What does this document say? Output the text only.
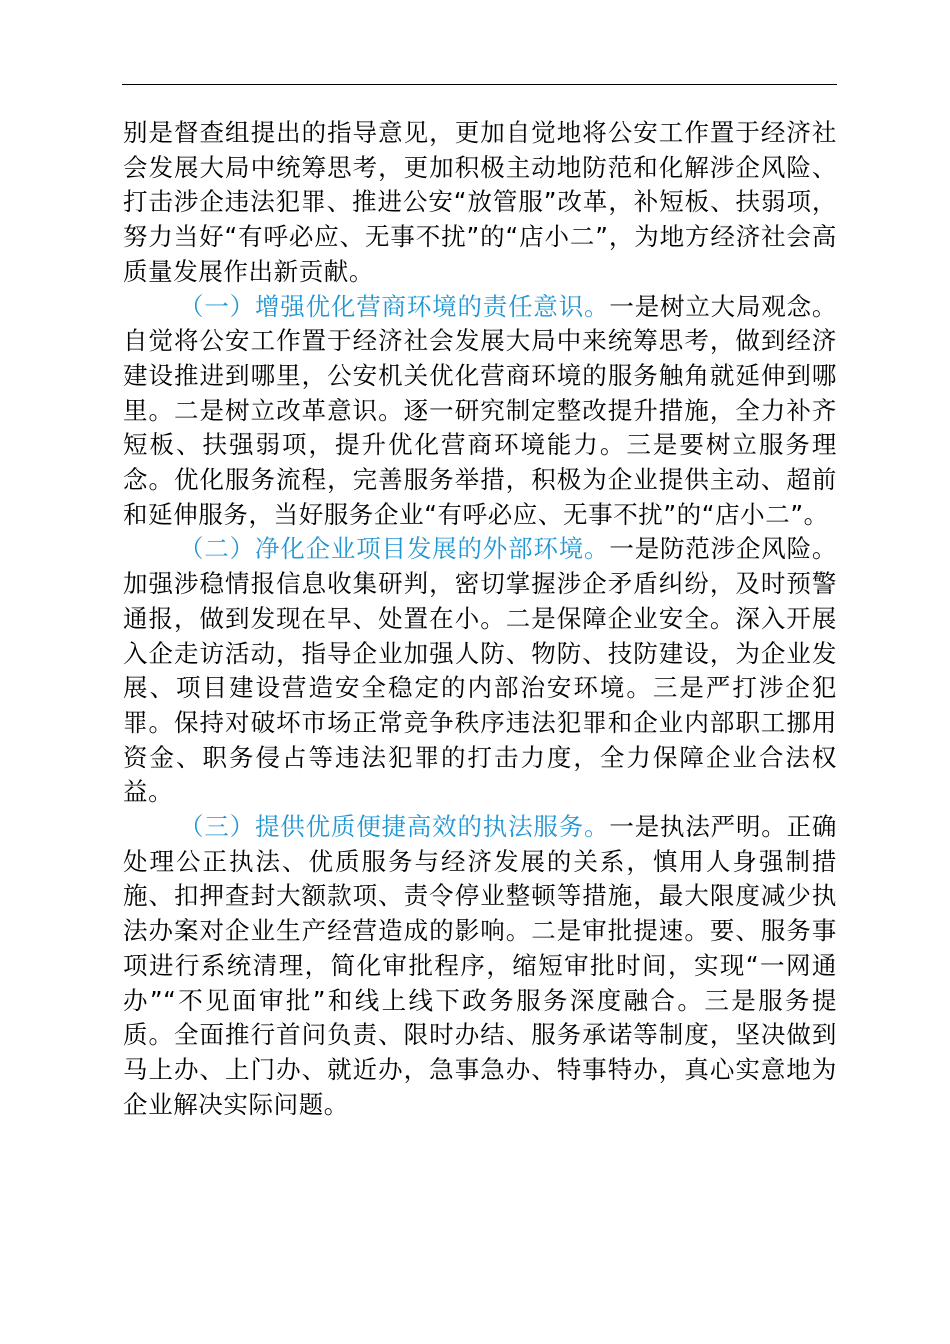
别是督查组提出的指导意见，更加自觉地将公安工作置于经济社会发展大局中统筹思考，更加积极主动地防范和化解涉企风险、打击涉企违法犯罪、推进公安“放管服”改革，补短板、扶弱项，努力当好“有呼必应、无事不扰”的“店小二”，为地方经济社会高质量发展作出新贡献。

（一）增强优化营商环境的责任意识。一是树立大局观念。自觉将公安工作置于经济社会发展大局中来统筹思考，做到经济建设推进到哪里，公安机关优化营商环境的服务触角就延伸到哪里。二是树立改革意识。逐一研究制定整改提升措施，全力补齐短板、扶强弱项，提升优化营商环境能力。三是要树立服务理念。优化服务流程，完善服务举措，积极为企业提供主动、超前和延伸服务，当好服务企业“有呼必应、无事不扰”的“店小二”。

（二）净化企业项目发展的外部环境。一是防范涉企风险。加强涉稳情报信息收集研判，密切掌握涉企矛盾纠纷，及时预警通报，做到发现在早、处置在小。二是保障企业安全。深入开展入企走访活动，指导企业加强人防、物防、技防建设，为企业发展、项目建设营造安全稳定的内部治安环境。三是严打涉企犯罪。保持对破坏市场正常竞争秩序违法犯罪和企业内部职工挪用资金、职务侵占等违法犯罪的打击力度，全力保障企业合法权益。

（三）提供优质便捷高效的执法服务。一是执法严明。正确处理公正执法、优质服务与经济发展的关系，慎用人身强制措施、扣押查封大额款项、责令停业整顿等措施，最大限度减少执法办案对企业生产经营造成的影响。二是审批提速。要、服务事项进行系统清理，简化审批程序，缩短审批时间，实现“一网通办”“不见面审批”和线上线下政务服务深度融合。三是服务提质。全面推行首问负责、限时办结、服务承诺等制度，坚决做到马上办、上门办、就近办，急事急办、特事特办，真心实意地为企业解决实际问题。
